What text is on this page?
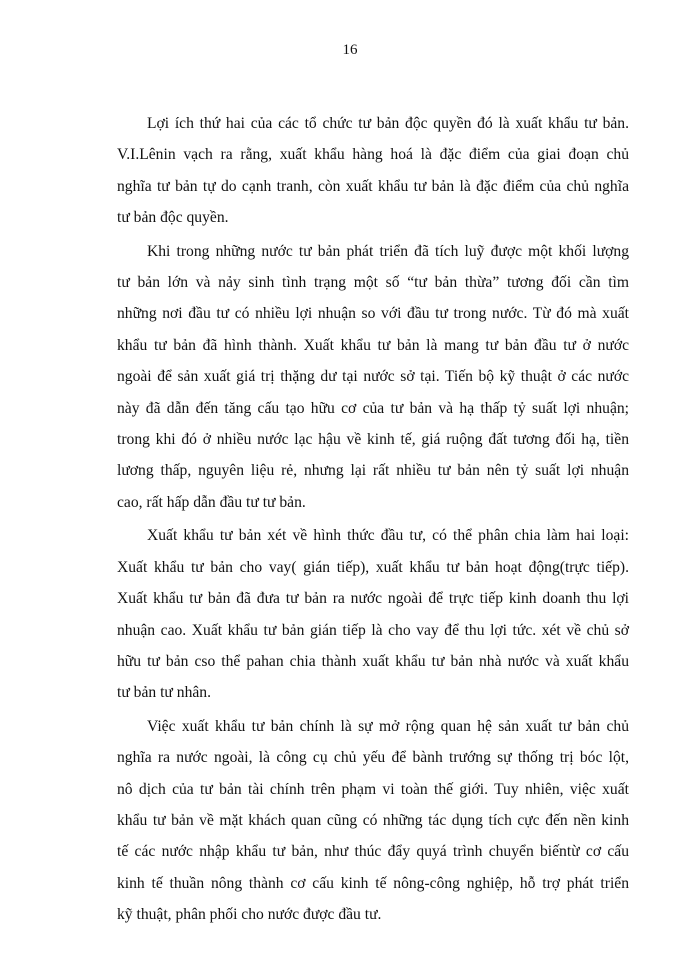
16

Lợi ích thứ hai của các tổ chức tư bản độc quyền đó là xuất khẩu tư bản.
V.I.Lênin vạch ra rằng, xuất khẩu hàng hoá là đặc điểm của giai đoạn chủ
nghĩa tư bản tự do cạnh tranh, còn xuất khẩu tư bản là đặc điểm của chủ nghĩa
tư bản độc quyền.

Khi trong những nước tư bản phát triển đã tích luỹ được một khối lượng
tư bản lớn và nảy sinh tình trạng một số “tư bản thừa” tương đối cần tìm
những nơi đầu tư có nhiều lợi nhuận so với đầu tư trong nước. Từ đó mà xuất
khẩu tư bản đã hình thành. Xuất khẩu tư bản là mang tư bản đầu tư ở nước
ngoài để sản xuất giá trị thặng dư tại nước sở tại. Tiến bộ kỹ thuật ở các nước
này đã dẫn đến tăng cấu tạo hữu cơ của tư bản và hạ thấp tỷ suất lợi nhuận;
trong khi đó ở nhiều nước lạc hậu về kinh tế, giá ruộng đất tương đối hạ, tiền
lương thấp, nguyên liệu rẻ, nhưng lại rất nhiều tư bản nên tỷ suất lợi nhuận
cao, rất hấp dẫn đầu tư tư bản.

Xuất khẩu tư bản xét về hình thức đầu tư, có thể phân chia làm hai loại:
Xuất khẩu tư bản cho vay( gián tiếp), xuất khẩu tư bản hoạt động(trực tiếp).
Xuất khẩu tư bản đã đưa tư bản ra nước ngoài để trực tiếp kinh doanh thu lợi
nhuận cao. Xuất khẩu tư bản gián tiếp là cho vay để thu lợi tức. xét về chủ sở
hữu tư bản cso thể pahan chia thành xuất khẩu tư bản nhà nước và xuất khẩu
tư bản tư nhân.

Việc xuất khẩu tư bản chính là sự mở rộng quan hệ sản xuất tư bản chủ
nghĩa ra nước ngoài, là công cụ chủ yếu để bành trướng sự thống trị bóc lột,
nô dịch của tư bản tài chính trên phạm vi toàn thế giới. Tuy nhiên, việc xuất
khẩu tư bản về mặt khách quan cũng có những tác dụng tích cực đến nền kinh
tế các nước nhập khẩu tư bản, như thúc đẩy quyá trình chuyển biếntừ cơ cấu
kinh tế thuần nông thành cơ cấu kinh tế nông-công nghiệp, hỗ trợ phát triển
kỹ thuật, phân phối cho nước được đầu tư.
